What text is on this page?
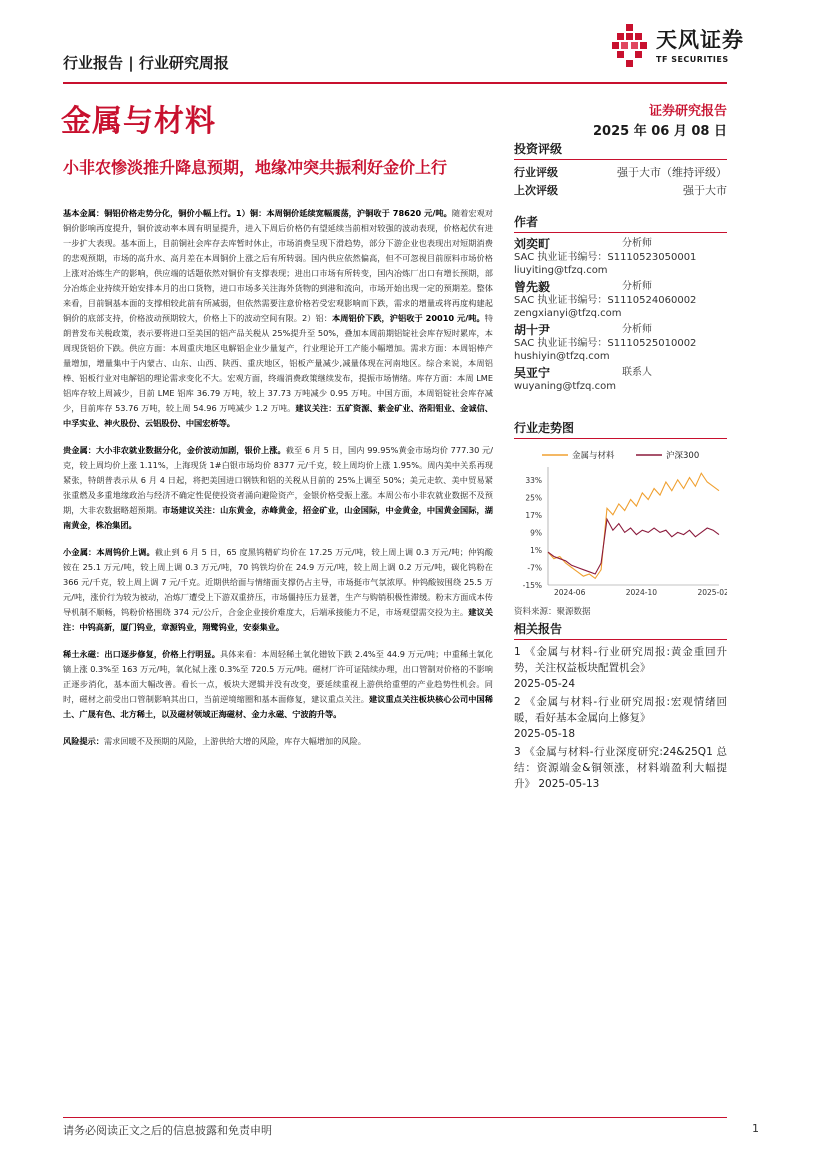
行业报告 | 行业研究周报
天风证券
TF SECURITIES
金属与材料	证券研究报告
2025 年 06 月 08 日
小非农惨淡推升降息预期，地缘冲突共振利好金价上行

基本金属：铜铝价格走势分化，铜价小幅上行。1）铜：本周铜价延续宽幅震荡，沪铜收于 78620 元/吨。随着宏观对铜价影响再度提升，铜价波动率本周有明显提升，进入下周后价格仍有望延续当前相对较强的波动表现，价格起伏有进一步扩大表现。基本面上，目前铜社会库存去库暂时休止，市场消费呈现下滑趋势，部分下游企业也表现出对短期消费的悲观预期，市场的高升水、高月差在本周铜价上涨之后有所转弱。国内供应依然偏高，但不可忽视目前原料市场价格上涨对冶炼生产的影响，供应端的话题依然对铜价有支撑表现；进出口市场有所转变，国内冶炼厂出口有增长预期，部分冶炼企业持续开始安排本月的出口货物，进口市场多关注海外货物的到港和流向，市场开始出现一定的预期差。整体来看，目前铜基本面的支撑相较此前有所减弱，但依然需要注意价格若受宏观影响而下跌，需求的增量或将再度构建起铜价的底部支持，价格波动预期较大，价格上下的波动空间有限。2）铝：本周铝价下跌，沪铝收于 20010 元/吨。特朗普发布关税政策，表示要将进口至美国的铝产品关税从 25%提升至 50%，叠加本周前期铝锭社会库存短时累库，本周现货铝价下跌。供应方面：本周重庆地区电解铝企业少量复产，行业理论开工产能小幅增加。需求方面：本周铝棒产量增加，增量集中于内蒙古、山东、山西、陕西、重庆地区，铝板产量减少,减量体现在河南地区。综合来说，本周铝棒、铝板行业对电解铝的理论需求变化不大。宏观方面，终端消费政策继续发布，提振市场情绪。库存方面：本周 LME 铝库存较上周减少，目前 LME 铝库 36.79 万吨，较上 37.73 万吨减少 0.95 万吨。中国方面，本周铝锭社会库存减少，目前库存 53.76 万吨，较上周 54.96 万吨减少 1.2 万吨。建议关注：五矿资源、紫金矿业、洛阳钼业、金诚信、中孚实业、神火股份、云铝股份、中国宏桥等。

贵金属：大小非农就业数据分化，金价波动加剧，银价上涨。截至 6 月 5 日，国内 99.95%黄金市场均价 777.30 元/克，较上周均价上涨 1.11%，上海现货 1#白银市场均价 8377 元/千克，较上周均价上涨 1.95%。周内美中关系再现紧张，特朗普表示从 6 月 4 日起，将把美国进口钢铁和铝的关税从目前的 25%上调至 50%；美元走软、美中贸易紧张重燃及多重地缘政治与经济不确定性促使投资者涌向避险资产，金银价格受振上涨。本周公布小非农就业数据不及预期，大非农数据略超预期。市场建议关注：山东黄金，赤峰黄金，招金矿业，山金国际，中金黄金，中国黄金国际，湖南黄金，株冶集团。

小金属：本周钨价上调。截止到 6 月 5 日，65 度黑钨精矿均价在 17.25 万元/吨，较上周上调 0.3 万元/吨；仲钨酸铵在 25.1 万元/吨，较上周上调 0.3 万元/吨，70 钨铁均价在 24.9 万元/吨，较上周上调 0.2 万元/吨，碳化钨粉在 366 元/千克，较上周上调 7 元/千克。近期供给面与情绪面支撑仍占主导，市场挺市气氛浓厚。仲钨酸铵围绕 25.5 万元/吨，涨价行为较为被动，冶炼厂遭受上下游双重挤压，市场僵持压力显著，生产与购销积极性滞缓。粉末方面成本传导机制不顺畅，钨粉价格围绕 374 元/公斤，合金企业接价难度大，后端承接能力不足，市场观望需交投为主。建议关注：中钨高新，厦门钨业，章源钨业，翔鹭钨业，安泰集业。

稀土永磁：出口逐步修复，价格上行明显。具体来看：本周轻稀土氧化镨钕下跌 2.4%至 44.9 万元/吨；中重稀土氧化镝上涨 0.3%至 163 万元/吨，氧化铽上涨 0.3%至 720.5 万元/吨。磁材厂许可证陆续办理，出口管制对价格的不影响正逐步消化，基本面大幅改善。看长一点，板块大逻辑并没有改变，要延续重视上游供给重塑的产业趋势性机会。同时，磁材之前受出口管制影响其出口，当前逆境缩圈和基本面修复，建议重点关注。建议重点关注板块核心公司中国稀土、广晟有色、北方稀土，以及磁材领域正海磁材、金力永磁、宁波韵升等。

风险提示：需求回暖不及预期的风险，上游供给大增的风险，库存大幅增加的风险。

投资评级
行业评级	强于大市（维持评级）
上次评级	强于大市
作者
刘奕町	分析师
SAC 执业证书编号：S1110523050001
liuyiting@tfzq.com
曾先毅	分析师
SAC 执业证书编号：S1110524060002
zengxianyi@tfzq.com
胡十尹	分析师
SAC 执业证书编号：S1110525010002
hushiyin@tfzq.com
吴亚宁	联系人
wuyaning@tfzq.com
行业走势图
金属与材料	沪深300
33%
25%
17%
9%
1%
-7%
-15%
2024-06	2024-10	2025-02
资料来源：聚源数据
相关报告
1 《金属与材料-行业研究周报:黄金重回升势，关注权益板块配置机会》
2025-05-24
2 《金属与材料-行业研究周报:宏观情绪回暖，看好基本金属向上修复》
2025-05-18
3 《金属与材料-行业深度研究:24&25Q1 总结：资源端金&铜领涨，材料端盈利大幅提升》 2025-05-13
请务必阅读正文之后的信息披露和免责申明	1
